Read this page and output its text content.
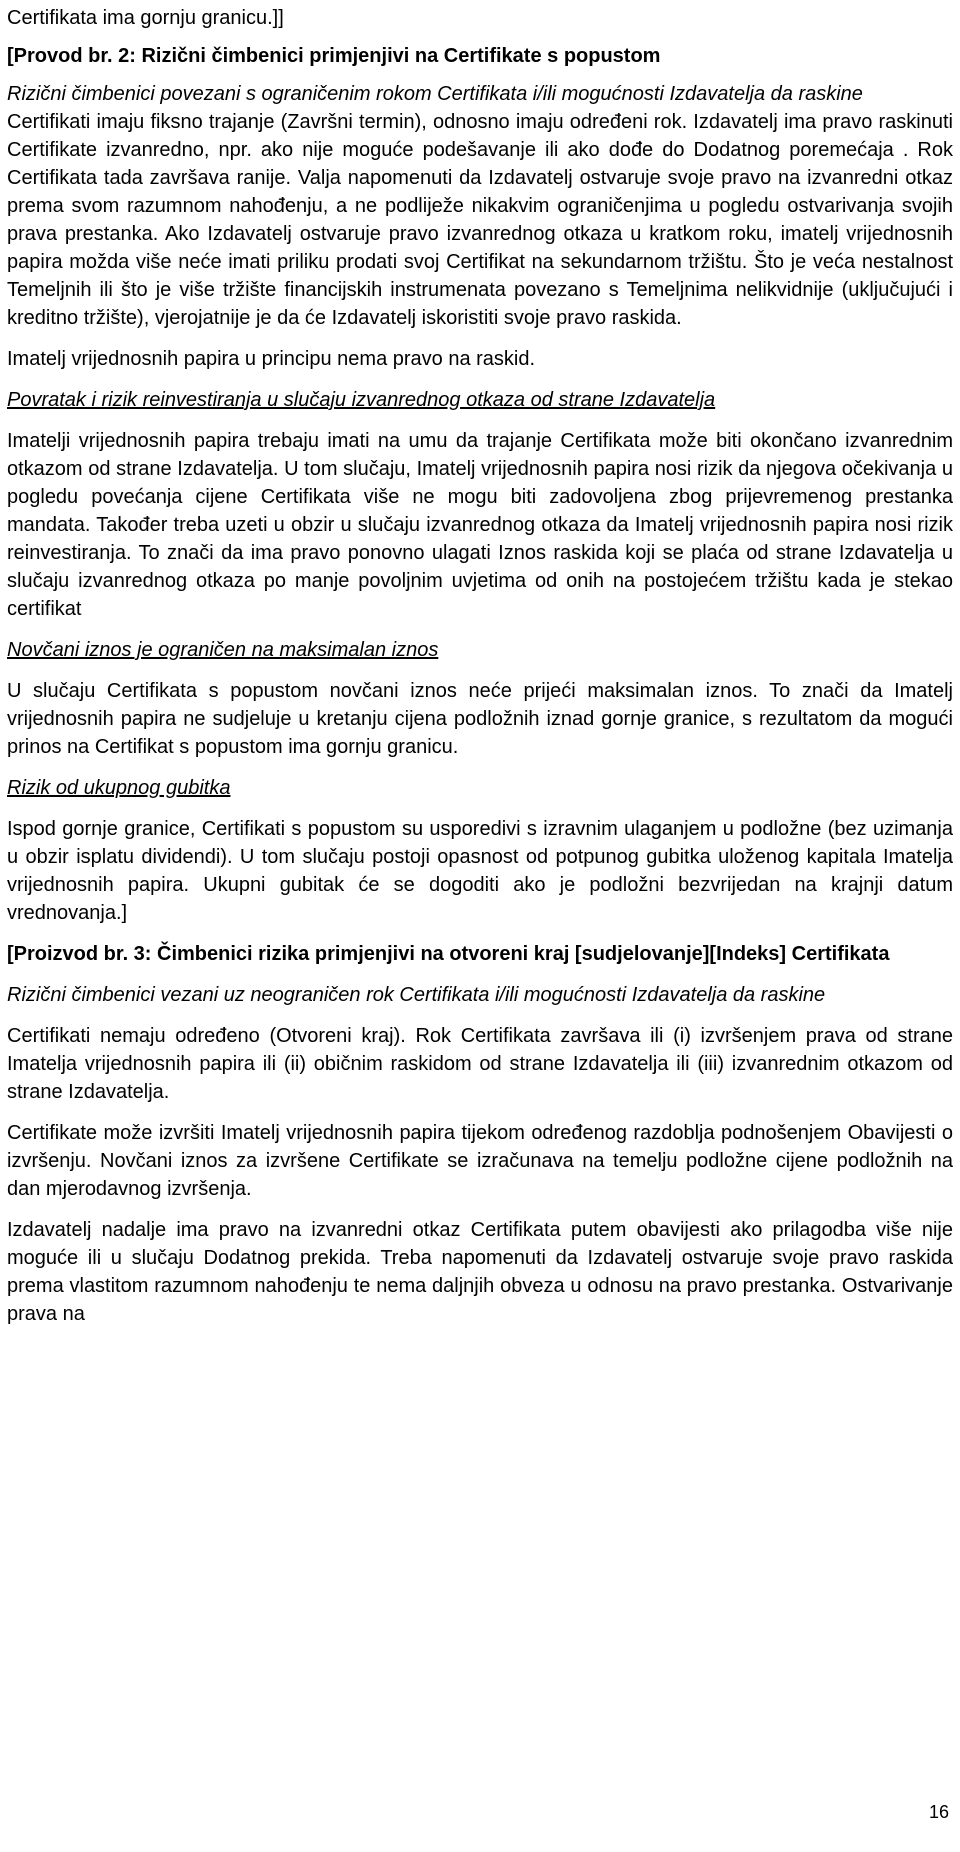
Certifikata ima gornju granicu.]]

[Provod br. 2: Rizični čimbenici primjenjivi na Certifikate s popustom

Rizični čimbenici povezani s ograničenim rokom Certifikata i/ili mogućnosti Izdavatelja da raskine

Certifikati imaju fiksno trajanje (Završni termin), odnosno imaju određeni rok. Izdavatelj ima pravo raskinuti Certifikate izvanredno, npr. ako nije moguće podešavanje ili ako dođe do Dodatnog poremećaja . Rok Certifikata tada završava ranije. Valja napomenuti da Izdavatelj ostvaruje svoje pravo na izvanredni otkaz prema svom razumnom nahođenju, a ne podliježe nikakvim ograničenjima u pogledu ostvarivanja svojih prava prestanka. Ako Izdavatelj ostvaruje pravo izvanrednog otkaza u kratkom roku, imatelj vrijednosnih papira možda više neće imati priliku prodati svoj Certifikat na sekundarnom tržištu. Što je veća nestalnost Temeljnih ili što je više tržište financijskih instrumenata povezano s Temeljnima nelikvidnije (uključujući i kreditno tržište), vjerojatnije je da će Izdavatelj iskoristiti svoje pravo raskida.

Imatelj vrijednosnih papira u principu nema pravo na raskid.

Povratak i rizik reinvestiranja u slučaju izvanrednog otkaza od strane Izdavatelja

Imatelji vrijednosnih papira trebaju imati na umu da trajanje Certifikata može biti okončano izvanrednim otkazom od strane Izdavatelja. U tom slučaju, Imatelj vrijednosnih papira nosi rizik da njegova očekivanja u pogledu povećanja cijene Certifikata više ne mogu biti zadovoljena zbog prijevremenog prestanka mandata. Također treba uzeti u obzir u slučaju izvanrednog otkaza da Imatelj vrijednosnih papira nosi rizik reinvestiranja. To znači da ima pravo ponovno ulagati Iznos raskida koji se plaća od strane Izdavatelja u slučaju izvanrednog otkaza po manje povoljnim uvjetima od onih na postojećem tržištu kada je stekao certifikat

Novčani iznos je ograničen na maksimalan iznos

U slučaju Certifikata s popustom novčani iznos neće prijeći maksimalan iznos. To znači da Imatelj vrijednosnih papira ne sudjeluje u kretanju cijena podložnih iznad gornje granice, s rezultatom da mogući prinos na Certifikat s popustom ima gornju granicu.

Rizik od ukupnog gubitka

Ispod gornje granice, Certifikati s popustom su usporedivi s izravnim ulaganjem u podložne (bez uzimanja u obzir isplatu dividendi). U tom slučaju postoji opasnost od potpunog gubitka uloženog kapitala Imatelja vrijednosnih papira. Ukupni gubitak će se dogoditi ako je podložni bezvrijedan na krajnji datum vrednovanja.]

[Proizvod br. 3: Čimbenici rizika primjenjivi na otvoreni kraj [sudjelovanje][Indeks] Certifikata

Rizični čimbenici vezani uz neograničen rok Certifikata i/ili mogućnosti Izdavatelja da raskine

Certifikati nemaju određeno (Otvoreni kraj). Rok Certifikata završava ili (i) izvršenjem prava od strane Imatelja vrijednosnih papira ili (ii) običnim raskidom od strane Izdavatelja ili (iii) izvanrednim otkazom od strane Izdavatelja.

Certifikate može izvršiti Imatelj vrijednosnih papira tijekom određenog razdoblja podnošenjem Obavijesti o izvršenju. Novčani iznos za izvršene Certifikate se izračunava na temelju podložne cijene podložnih na dan mjerodavnog izvršenja.

Izdavatelj nadalje ima pravo na izvanredni otkaz Certifikata putem obavijesti ako prilagodba više nije moguće ili u slučaju Dodatnog prekida. Treba napomenuti da Izdavatelj ostvaruje svoje pravo raskida prema vlastitom razumnom nahođenju te nema daljnjih obveza u odnosu na pravo prestanka. Ostvarivanje prava na

16
